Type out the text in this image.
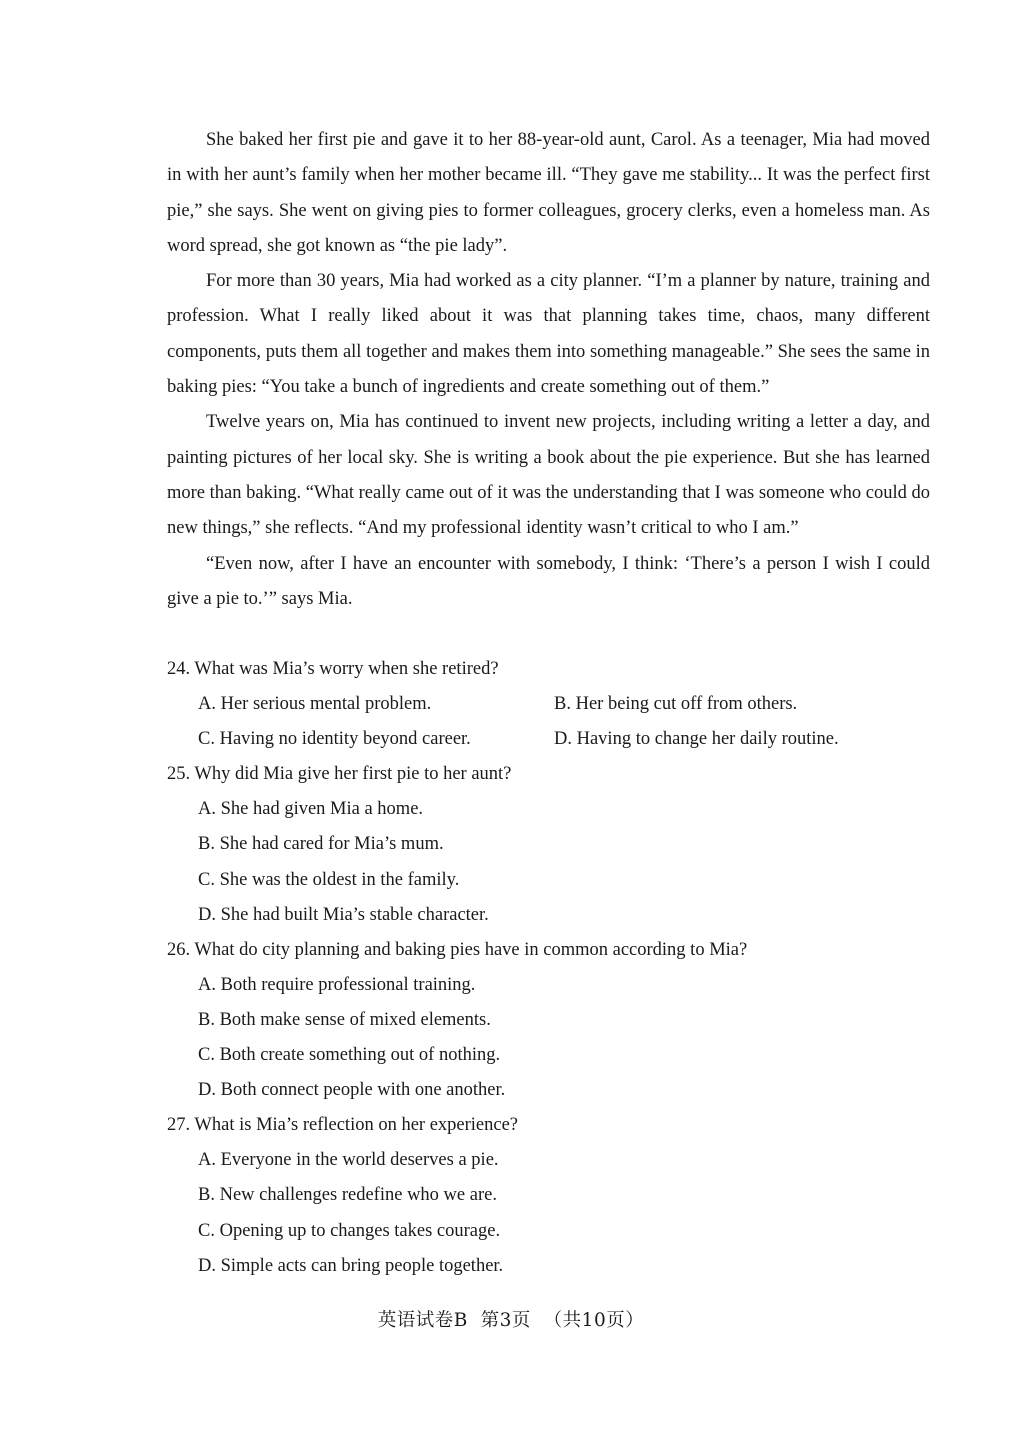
She baked her first pie and gave it to her 88-year-old aunt, Carol. As a teenager, Mia had moved in with her aunt’s family when her mother became ill. “They gave me stability... It was the perfect first pie,” she says. She went on giving pies to former colleagues, grocery clerks, even a homeless man. As word spread, she got known as “the pie lady”.

For more than 30 years, Mia had worked as a city planner. “I’m a planner by nature, training and profession. What I really liked about it was that planning takes time, chaos, many different components, puts them all together and makes them into something manageable.” She sees the same in baking pies: “You take a bunch of ingredients and create something out of them.”

Twelve years on, Mia has continued to invent new projects, including writing a letter a day, and painting pictures of her local sky. She is writing a book about the pie experience. But she has learned more than baking. “What really came out of it was the understanding that I was someone who could do new things,” she reflects. “And my professional identity wasn’t critical to who I am.”

“Even now, after I have an encounter with somebody, I think: ‘There’s a person I wish I could give a pie to.’” says Mia.

24. What was Mia’s worry when she retired?
A. Her serious mental problem.	B. Her being cut off from others.
C. Having no identity beyond career.	D. Having to change her daily routine.
25. Why did Mia give her first pie to her aunt?
A. She had given Mia a home.
B. She had cared for Mia’s mum.
C. She was the oldest in the family.
D. She had built Mia’s stable character.
26. What do city planning and baking pies have in common according to Mia?
A. Both require professional training.
B. Both make sense of mixed elements.
C. Both create something out of nothing.
D. Both connect people with one another.
27. What is Mia’s reflection on her experience?
A. Everyone in the world deserves a pie.
B. New challenges redefine who we are.
C. Opening up to changes takes courage.
D. Simple acts can bring people together.
英语试卷B  第3页  （共10页）
